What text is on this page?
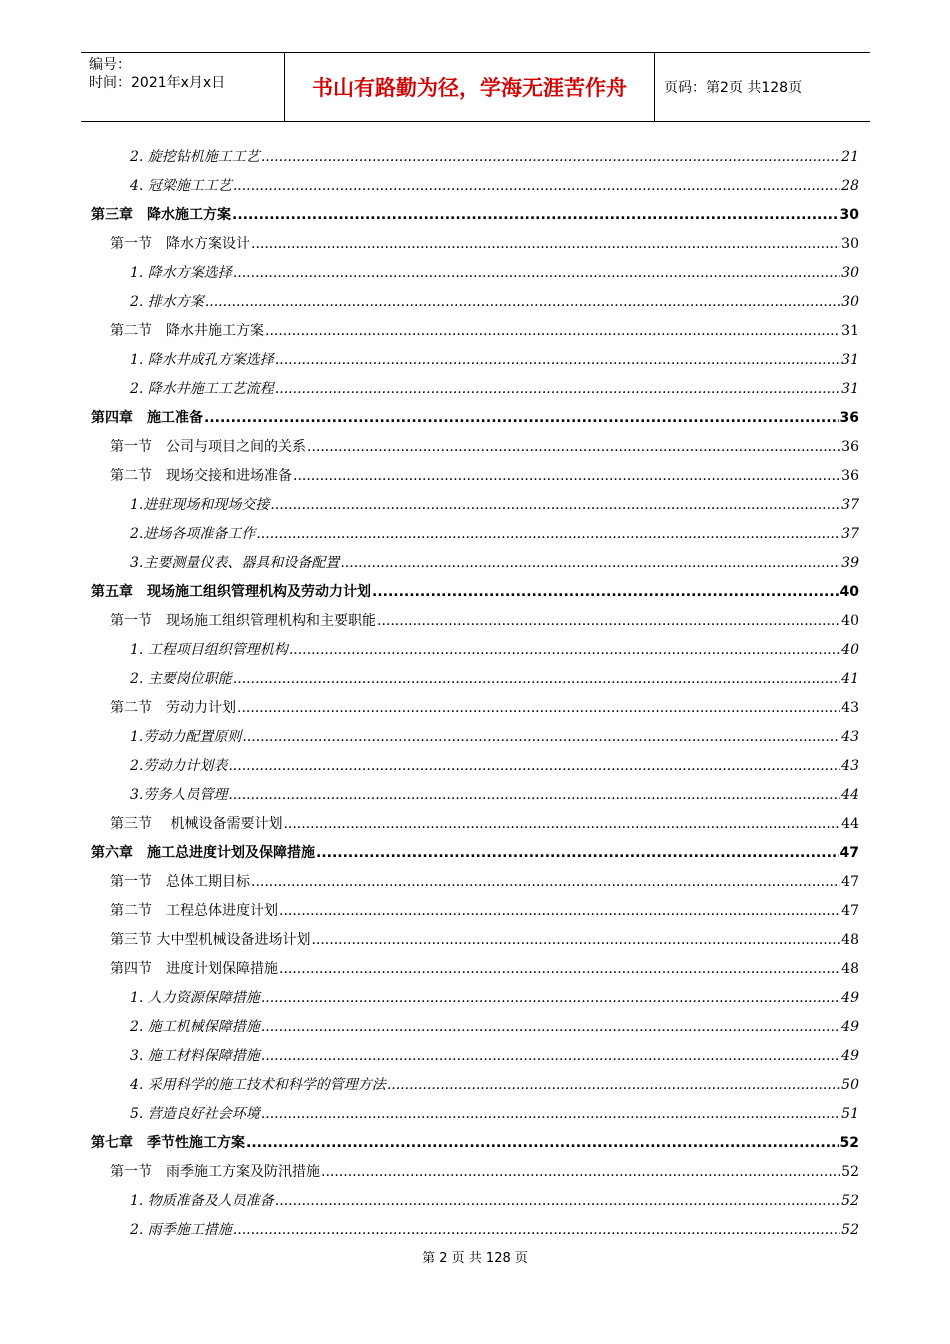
编号：
时间：2021年x月x日	书山有路勤为径，学海无涯苦作舟	页码：第2页 共128页
2. 旋挖钻机施工工艺 .....	21
4. 冠梁施工工艺 .....	28
第三章　降水施工方案 .....	30
第一节　降水方案设计 .....	30
1. 降水方案选择 .....	30
2. 排水方案 .....	30
第二节　降水井施工方案 .....	31
1. 降水井成孔方案选择 .....	31
2. 降水井施工工艺流程 .....	31
第四章　施工准备 .....	36
第一节　公司与项目之间的关系 .....	36
第二节　现场交接和进场准备 .....	36
1.进驻现场和现场交接 .....	37
2.进场各项准备工作 .....	37
3.主要测量仪表、器具和设备配置 .....	39
第五章　现场施工组织管理机构及劳动力计划 .....	40
第一节　现场施工组织管理机构和主要职能 .....	40
1. 工程项目组织管理机构 .....	40
2. 主要岗位职能 .....	41
第二节　劳动力计划 .....	43
1.劳动力配置原则 .....	43
2.劳动力计划表 .....	43
3.劳务人员管理 .....	44
第三节　 机械设备需要计划 .....	44
第六章　施工总进度计划及保障措施 .....	47
第一节　总体工期目标 .....	47
第二节　工程总体进度计划 .....	47
第三节 大中型机械设备进场计划 .....	48
第四节　进度计划保障措施 .....	48
1. 人力资源保障措施 .....	49
2. 施工机械保障措施 .....	49
3. 施工材料保障措施 .....	49
4. 采用科学的施工技术和科学的管理方法 .....	50
5. 营造良好社会环境 .....	51
第七章　季节性施工方案 .....	52
第一节　雨季施工方案及防汛措施 .....	52
1. 物质准备及人员准备 .....	52
2. 雨季施工措施 .....	52
第 2 页 共 128 页
